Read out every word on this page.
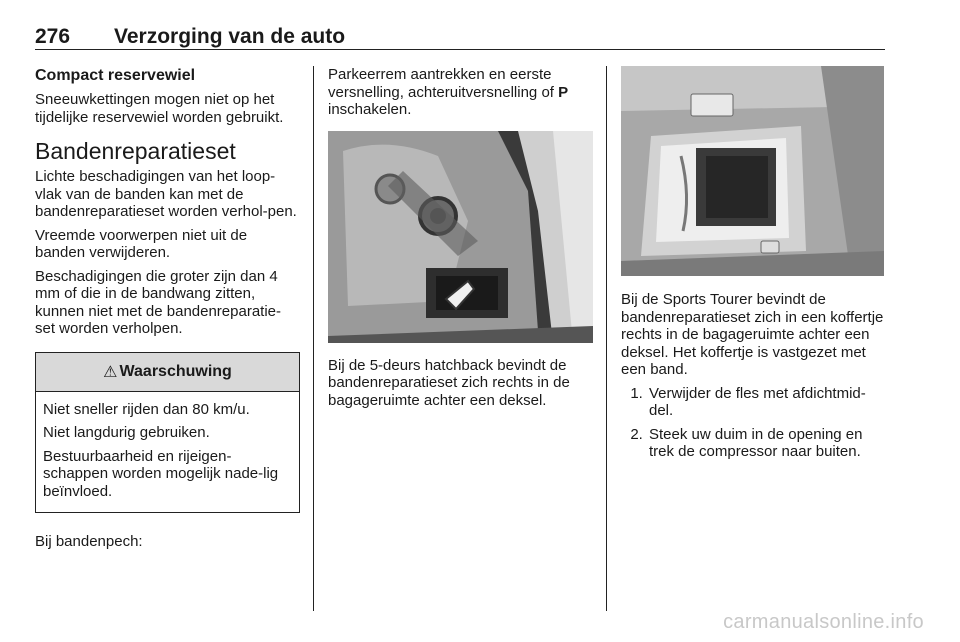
276 Verzorging van de auto
Compact reservewiel

Sneeuwkettingen mogen niet op het tijdelijke reservewiel worden gebruikt.

Bandenreparatieset

Lichte beschadigingen van het loop-vlak van de banden kan met de bandenreparatieset worden verhol-pen.

Vreemde voorwerpen niet uit de banden verwijderen.

Beschadigingen die groter zijn dan 4 mm of die in de bandwang zitten, kunnen niet met de bandenreparatie-set worden verholpen.

⚠ Waarschuwing

Niet sneller rijden dan 80 km/u.

Niet langdurig gebruiken.

Bestuurbaarheid en rijeigen-schappen worden mogelijk nade-lig beïnvloed.

Bij bandenpech:

Parkeerrem aantrekken en eerste versnelling, achteruitversnelling of P inschakelen.

Bij de 5-deurs hatchback bevindt de bandenreparatieset zich rechts in de bagageruimte achter een deksel.

Bij de Sports Tourer bevindt de bandenreparatieset zich in een koffertje rechts in de bagageruimte achter een deksel. Het koffertje is vastgezet met een band.

1. Verwijder de fles met afdichtmid-del.
2. Steek uw duim in de opening en trek de compressor naar buiten.
carmanualsonline.info
